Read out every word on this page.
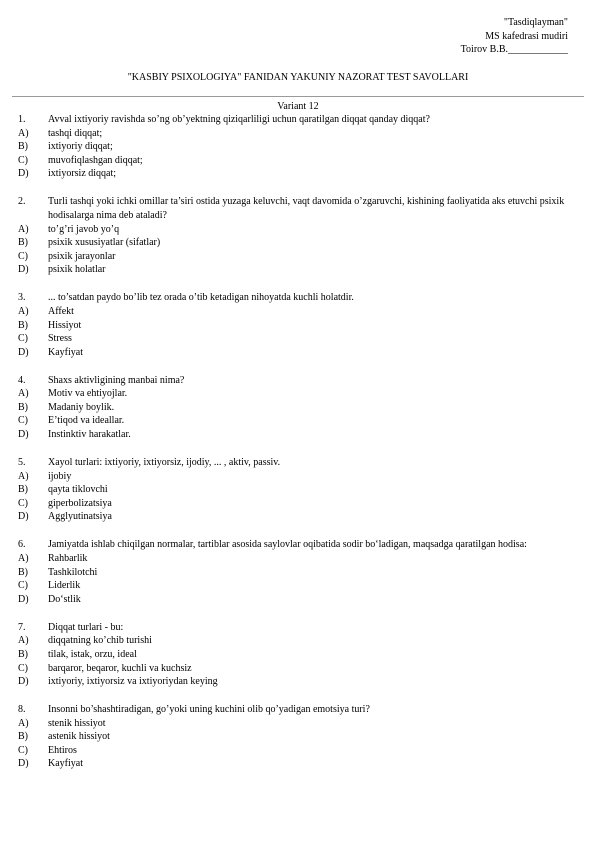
"Tasdiqlayman"
MS kafedrasi mudiri
Toirov B.B.____________
"KASBIY PSIXOLOGIYA" FANIDAN YAKUNIY NAZORAT TEST SAVOLLARI
Variant 12
1.	Avval ixtiyoriy ravishda so’ng ob’yektning qiziqarliligi uchun qaratilgan diqqat qanday diqqat?
A)	tashqi diqqat;
B)	ixtiyoriy diqqat;
C)	muvofiqlashgan diqqat;
D)	ixtiyorsiz diqqat;
2.	Turli tashqi yoki ichki omillar ta’siri ostida yuzaga keluvchi, vaqt davomida o’zgaruvchi, kishining faoliyatida aks etuvchi psixik hodisalarga nima deb ataladi?
A)	to’g’ri javob yo’q
B)	psixik xususiyatlar (sifatlar)
C)	psixik jarayonlar
D)	psixik holatlar
3.	... to’satdan paydo bo’lib tez orada o’tib ketadigan nihoyatda kuchli holatdir.
A)	Affekt
B)	Hissiyot
C)	Stress
D)	Kayfiyat
4.	Shaxs aktivligining manbai nima?
A)	Motiv va ehtiyojlar.
B)	Madaniy boylik.
C)	E’tiqod va ideallar.
D)	Instinktiv harakatlar.
5.	Xayol turlari: ixtiyoriy, ixtiyorsiz, ijodiy, ... , aktiv, passiv.
A)	ijobiy
B)	qayta tiklovchi
C)	giperbolizatsiya
D)	Agglyutinatsiya
6.	Jamiyatda ishlab chiqilgan normalar, tartiblar asosida saylovlar oqibatida sodir bo‘ladigan, maqsadga qaratilgan hodisa:
A)	Rahbarlik
B)	Tashkilotchi
C)	Liderlik
D)	Do‘stlik
7.	Diqqat turlari - bu:
A)	diqqatning ko’chib turishi
B)	tilak, istak, orzu, ideal
C)	barqaror, beqaror, kuchli va kuchsiz
D)	ixtiyoriy, ixtiyorsiz va ixtiyoriydan keying
8.	Insonni bo’shashtiradigan, go’yoki uning kuchini olib qo’yadigan emotsiya turi?
A)	stenik hissiyot
B)	astenik hissiyot
C)	Ehtiros
D)	Kayfiyat
